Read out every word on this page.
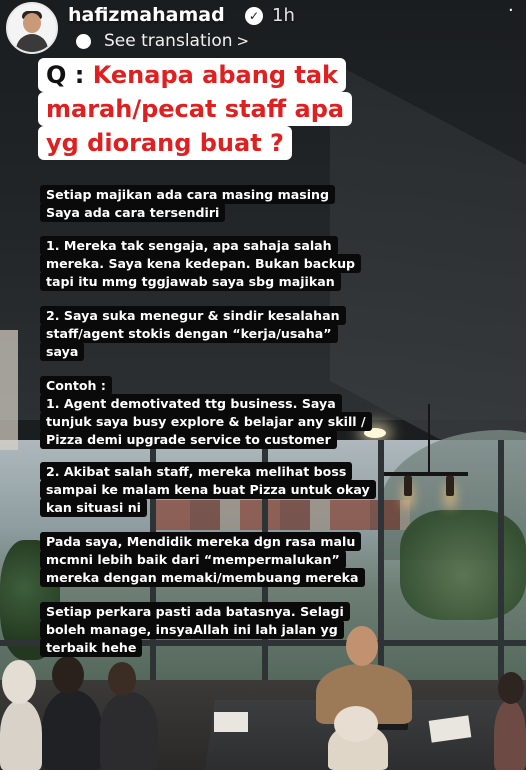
hafizmahamad	✓ 1h	·
See translation >
Q : Kenapa abang tak
marah/pecat staff apa
yg diorang buat ?
Setiap majikan ada cara masing masing
Saya ada cara tersendiri
1. Mereka tak sengaja, apa sahaja salah
mereka. Saya kena kedepan. Bukan backup
tapi itu mmg tggjawab saya sbg majikan
2. Saya suka menegur & sindir kesalahan
staff/agent stokis dengan “kerja/usaha”
saya
Contoh :
1. Agent demotivated ttg business. Saya
tunjuk saya busy explore & belajar any skill /
Pizza demi upgrade service to customer
2. Akibat salah staff, mereka melihat boss
sampai ke malam kena buat Pizza untuk okay
kan situasi ni
Pada saya, Mendidik mereka dgn rasa malu
mcmni lebih baik dari “mempermalukan”
mereka dengan memaki/membuang mereka
Setiap perkara pasti ada batasnya. Selagi
boleh manage, insyaAllah ini lah jalan yg
terbaik hehe
